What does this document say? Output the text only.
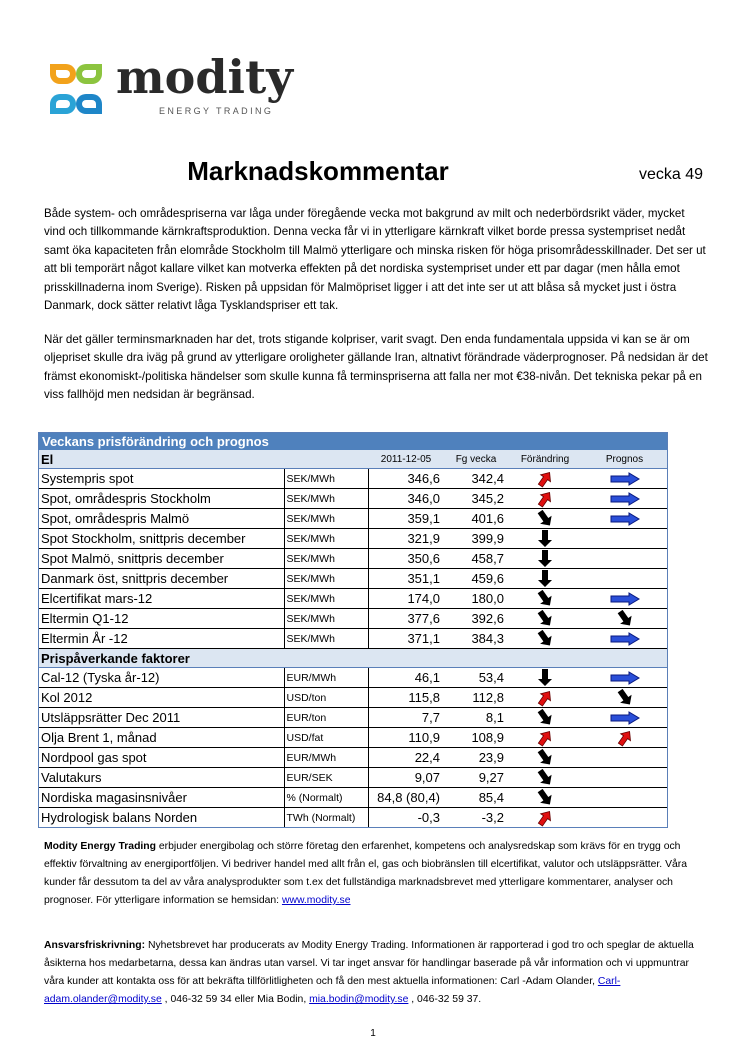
modity
ENERGY TRADING
Marknadskommentar	vecka 49
Både system- och områdespriserna var låga under föregående vecka mot bakgrund av milt och nederbördsrikt väder, mycket vind och tillkommande kärnkraftsproduktion. Denna vecka får vi in ytterligare kärnkraft vilket borde pressa systempriset nedåt samt öka kapaciteten från elområde Stockholm till Malmö ytterligare och minska risken för höga prisområdesskillnader. Det ser ut att bli temporärt något kallare vilket kan motverka effekten på det nordiska systempriset under ett par dagar (men hålla emot prisskillnaderna inom Sverige). Risken på uppsidan för Malmöpriset ligger i att det inte ser ut att blåsa så mycket just i östra Danmark, dock sätter relativt låga Tysklandspriser ett tak.
När det gäller terminsmarknaden har det, trots stigande kolpriser, varit svagt. Den enda fundamentala uppsida vi kan se är om oljepriset skulle dra iväg på grund av ytterligare oroligheter gällande Iran, altnativt förändrade väderprognoser. På nedsidan är det främst ekonomiskt-/politiska händelser som skulle kunna få terminspriserna att falla ner mot €38-nivån. Det tekniska pekar på en viss fallhöjd men nedsidan är begränsad.
Veckans prisförändring och prognos
El		2011-12-05	Fg vecka	Förändring	Prognos
Systempris spot	SEK/MWh	346,6	342,4	

Spot, områdespris Stockholm	SEK/MWh	346,0	345,2	

Spot, områdespris Malmö	SEK/MWh	359,1	401,6	

Spot Stockholm, snittpris december	SEK/MWh	321,9	399,9	

Spot Malmö, snittpris december	SEK/MWh	350,6	458,7	

Danmark öst, snittpris december	SEK/MWh	351,1	459,6	

Elcertifikat mars-12	SEK/MWh	174,0	180,0	

Eltermin Q1-12	SEK/MWh	377,6	392,6	

Eltermin År -12	SEK/MWh	371,1	384,3	

Prispåverkande faktorer					
Cal-12 (Tyska år-12)	EUR/MWh	46,1	53,4	

Kol 2012	USD/ton	115,8	112,8	

Utsläppsrätter Dec 2011	EUR/ton	7,7	8,1	

Olja Brent 1, månad	USD/fat	110,9	108,9	

Nordpool gas spot	EUR/MWh	22,4	23,9	

Valutakurs	EUR/SEK	9,07	9,27	

Nordiska magasinsnivåer	% (Normalt)	84,8 (80,4)	85,4	

Hydrologisk balans Norden	TWh (Normalt)	-0,3	-3,2	

Modity Energy Trading erbjuder energibolag och större företag den erfarenhet, kompetens och analysredskap som krävs för en trygg och effektiv förvaltning av energiportföljen. Vi bedriver handel med allt från el, gas och biobränslen till elcertifikat, valutor och utsläppsrätter. Våra kunder får dessutom ta del av våra analysprodukter som t.ex det fullständiga marknadsbrevet med ytterligare kommentarer, analyser och prognoser. För ytterligare information se hemsidan: www.modity.se
Ansvarsfriskrivning: Nyhetsbrevet har producerats av Modity Energy Trading. Informationen är rapporterad i god tro och speglar de aktuella åsikterna hos medarbetarna, dessa kan ändras utan varsel. Vi tar inget ansvar för handlingar baserade på vår information och vi uppmuntrar våra kunder att kontakta oss för att bekräfta tillförlitligheten och få den mest aktuella informationen: Carl -Adam Olander, Carl-adam.olander@modity.se , 046-32 59 34 eller Mia Bodin, mia.bodin@modity.se , 046-32 59 37.
1
